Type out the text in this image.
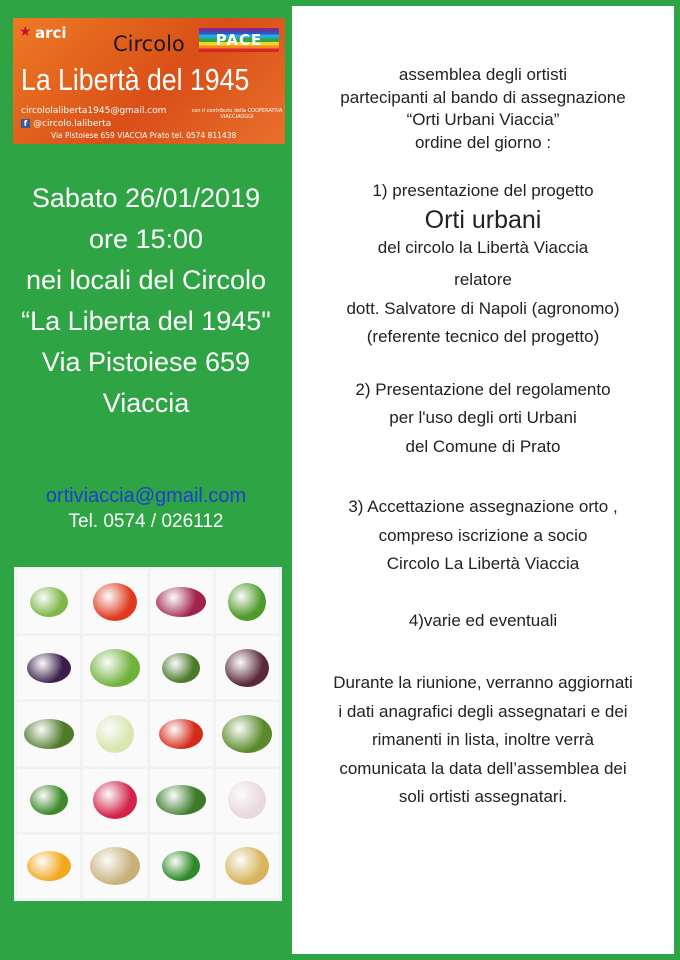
★ arci Circolo	PACE
La Libertà del 1945
circololaliberta1945@gmail.com
f @circolo.laliberta
con il contributo della COOPERATIVA VIACCIAOGGI
Via Pistoiese 659 VIACCIA Prato tel. 0574 811438
Sabato 26/01/2019
ore 15:00
nei locali del Circolo
“La Liberta del 1945"
Via Pistoiese 659
Viaccia
ortiviaccia@gmail.com
Tel. 0574 / 026112
assemblea degli ortisti
partecipanti al bando di assegnazione
“Orti Urbani Viaccia”
ordine del giorno :
1) presentazione del progetto
Orti urbani
del circolo la Libertà Viaccia
relatore
dott. Salvatore di Napoli (agronomo)
(referente tecnico del progetto)
2) Presentazione del regolamento
per l'uso degli orti Urbani
del Comune di Prato
3) Accettazione assegnazione orto ,
compreso iscrizione a socio
Circolo La Libertà Viaccia
4)varie ed eventuali
Durante la riunione, verranno aggiornati
i dati anagrafici degli assegnatari e dei
rimanenti in lista, inoltre verrà
comunicata la data dell’assemblea dei
soli ortisti assegnatari.
